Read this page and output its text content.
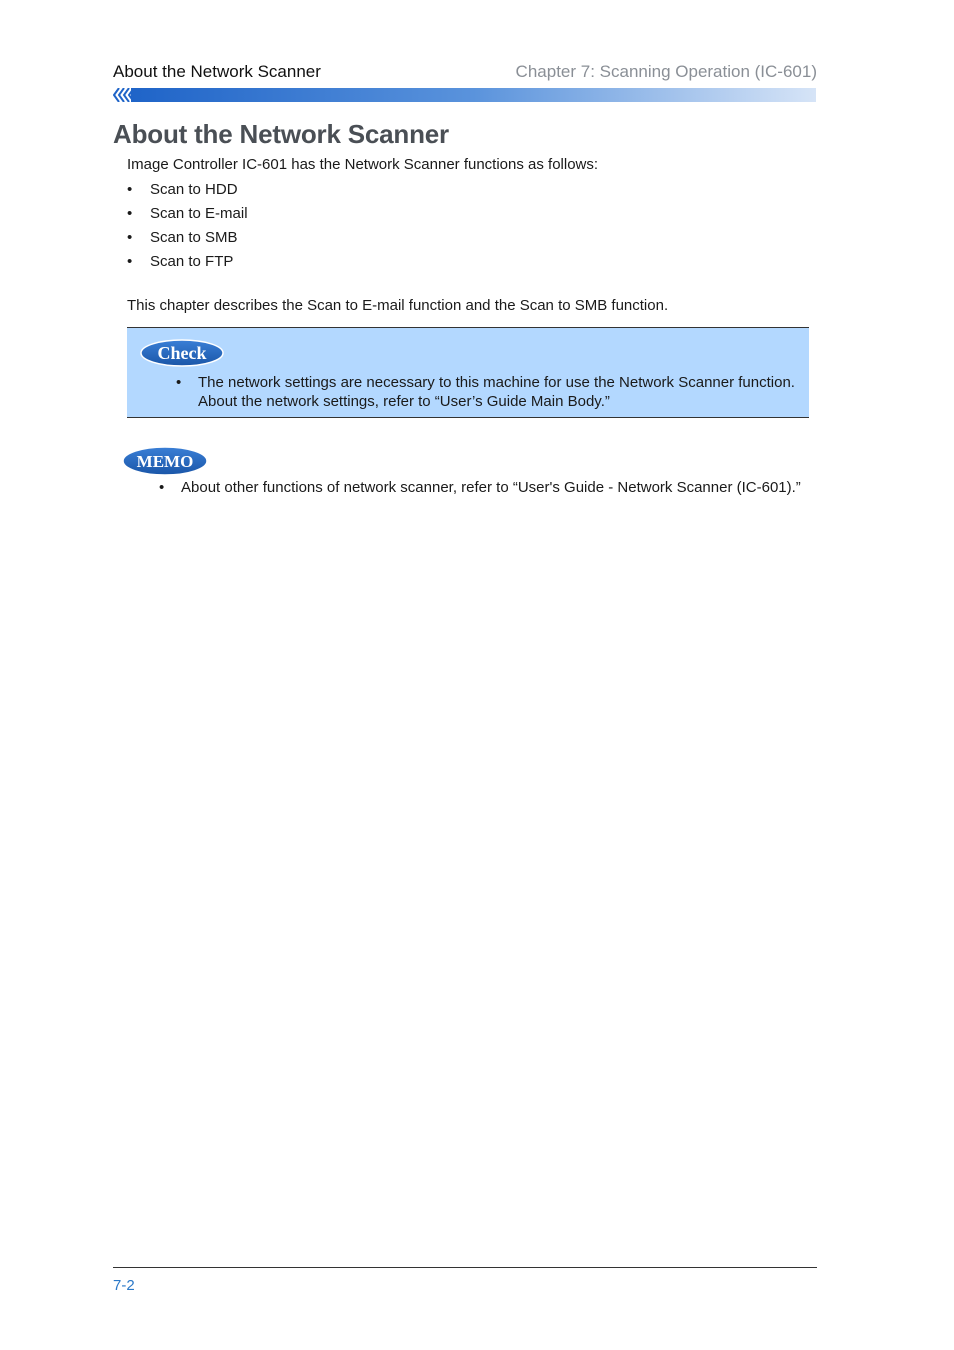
About the Network Scanner	Chapter 7: Scanning Operation (IC-601)
About the Network Scanner
Image Controller IC-601 has the Network Scanner functions as follows:
• Scan to HDD
• Scan to E-mail
• Scan to SMB
• Scan to FTP
This chapter describes the Scan to E-mail function and the Scan to SMB function.
Check
• The network settings are necessary to this machine for use the Network Scanner function. About the network settings, refer to “User’s Guide Main Body.”
MEMO
• About other functions of network scanner, refer to “User's Guide - Network Scanner (IC-601).”
7-2
